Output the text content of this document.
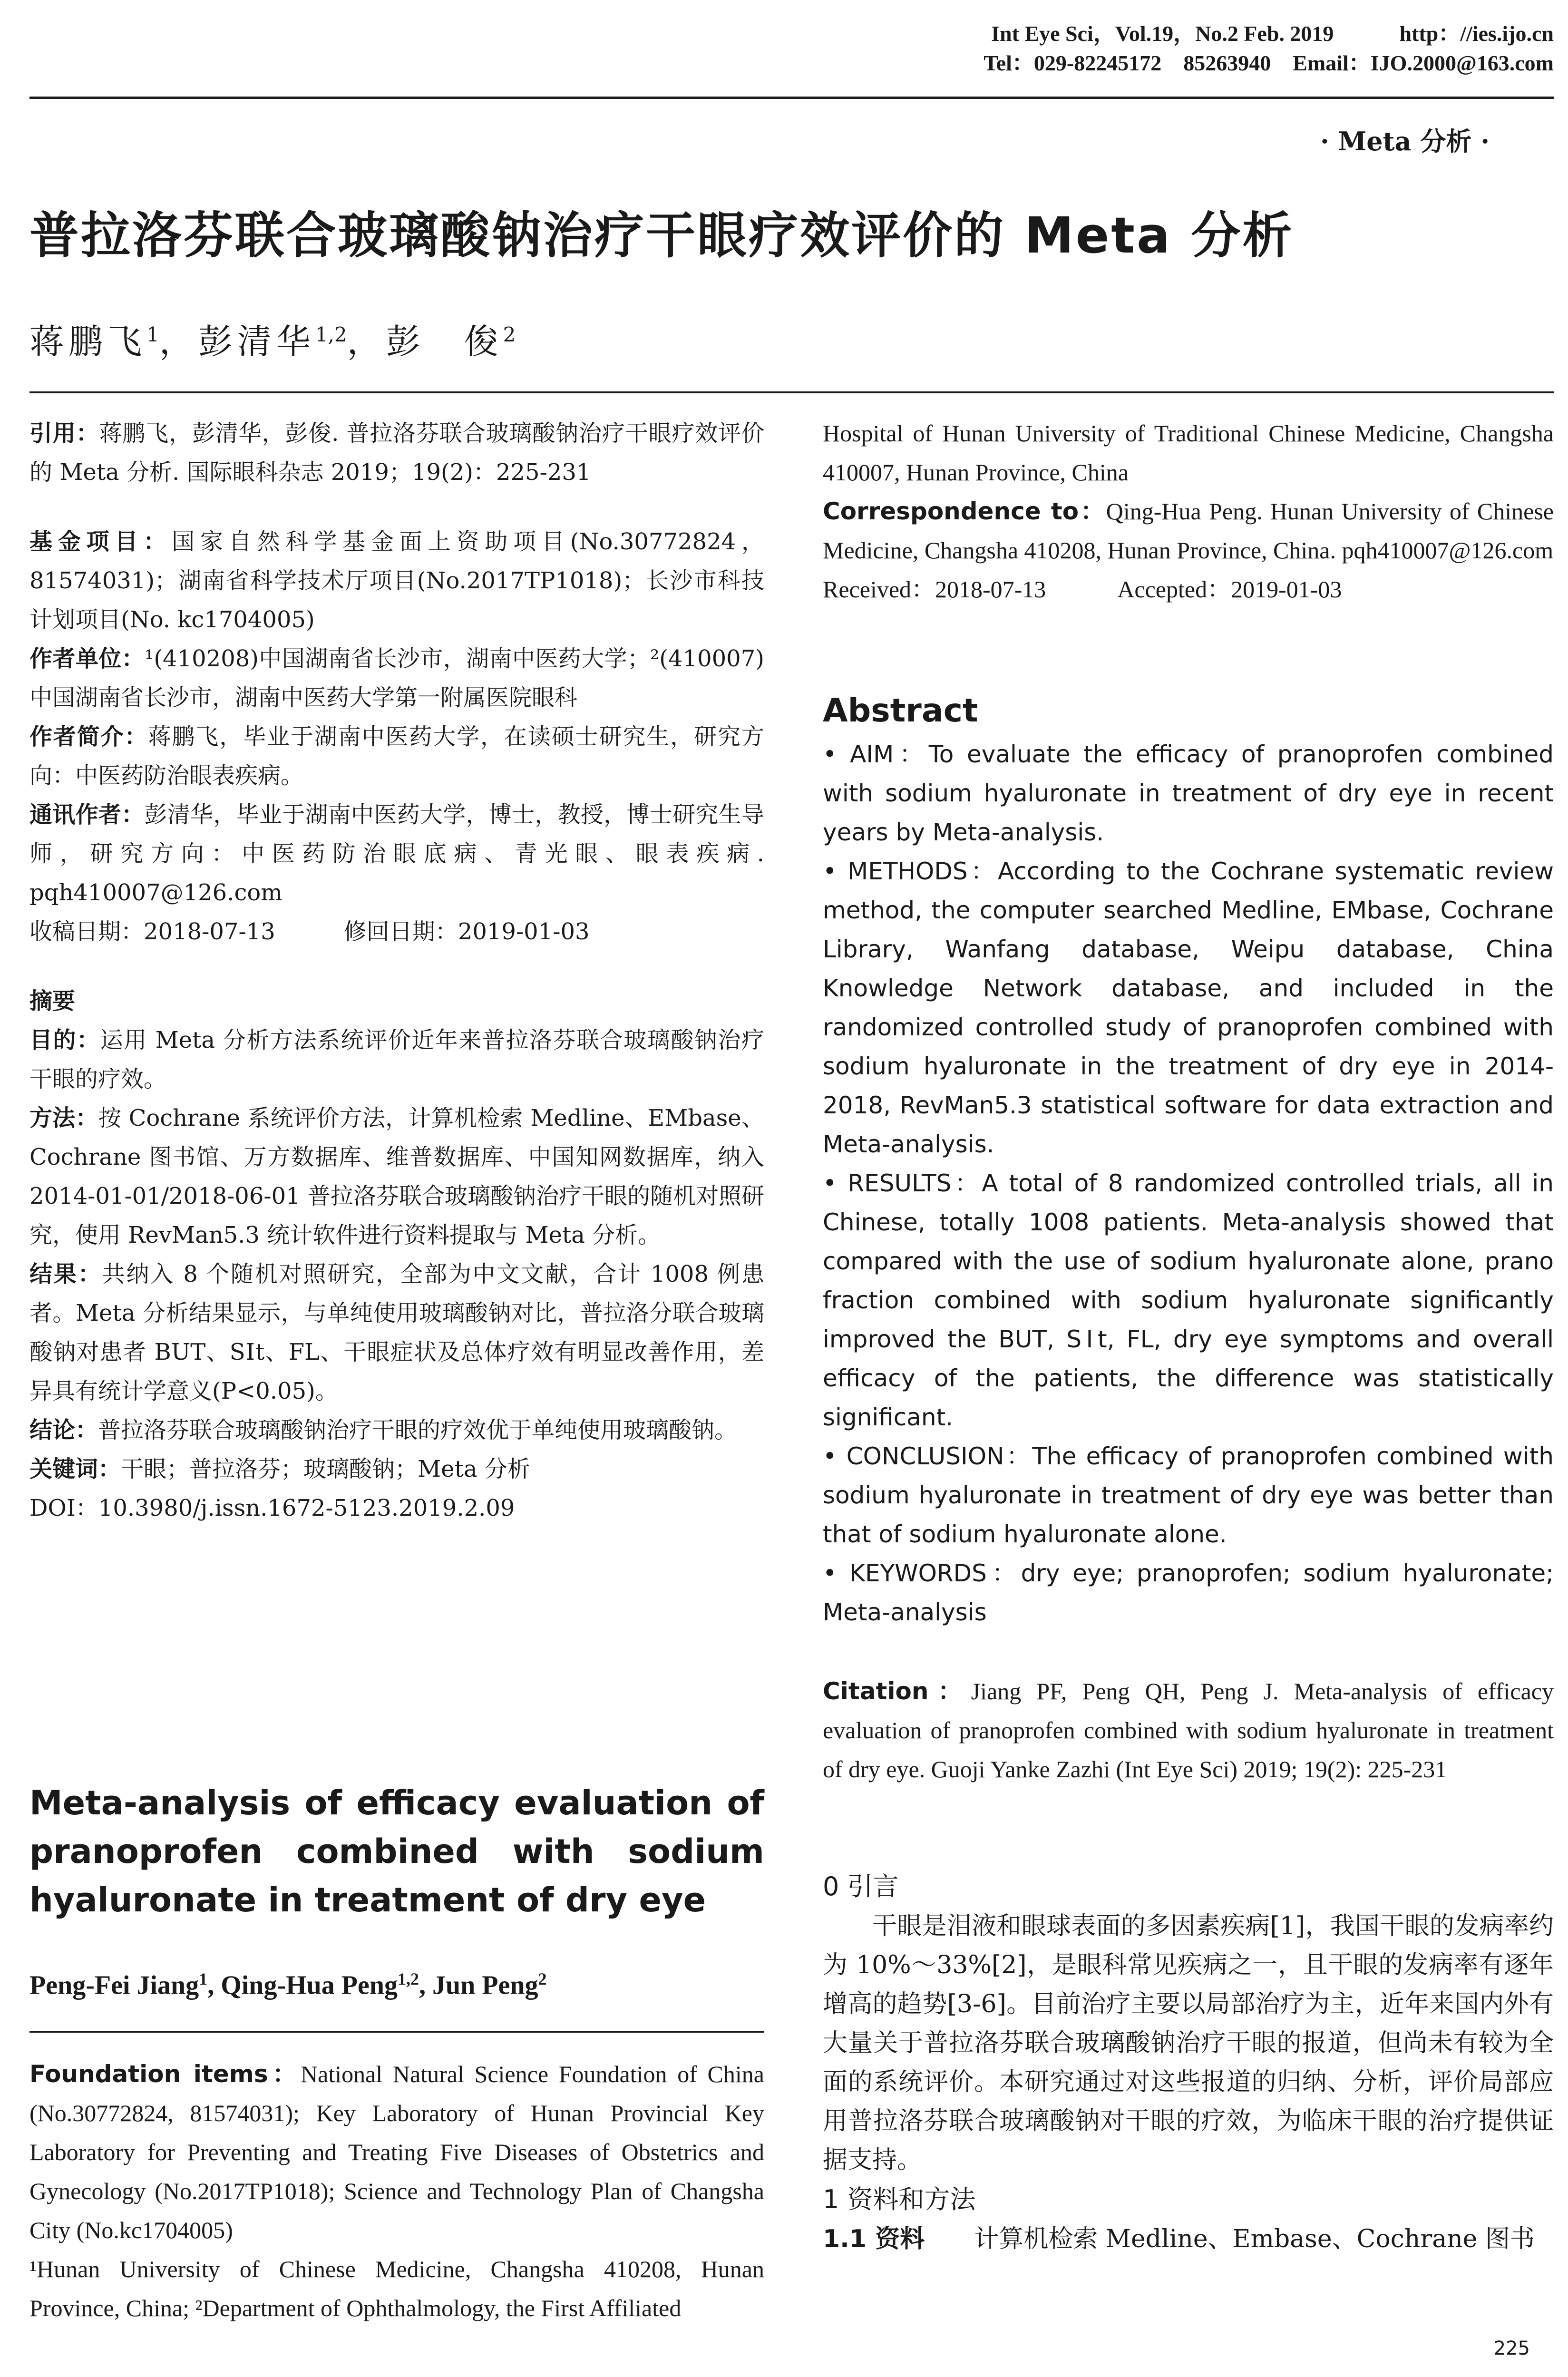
Int Eye Sci，Vol.19，No.2 Feb. 2019　　　	http：//ies.ijo.cn
Tel：029-82245172　85263940　Email：IJO.2000@163.com
· Meta 分析 ·
普拉洛芬联合玻璃酸钠治疗干眼疗效评价的 Meta 分析
蒋鹏飞$^1$，彭清华$^{1,2}$，彭　俊$^2$

引用：蒋鹏飞，彭清华，彭俊. 普拉洛芬联合玻璃酸钠治疗干眼疗效评价的 Meta 分析. 国际眼科杂志 2019；19(2)：225-231

基金项目：国家自然科学基金面上资助项目(No.30772824，81574031)；湖南省科学技术厅项目(No.2017TP1018)；长沙市科技计划项目(No. kc1704005)

作者单位：¹(410208)中国湖南省长沙市，湖南中医药大学；²(410007)中国湖南省长沙市，湖南中医药大学第一附属医院眼科

作者简介：蒋鹏飞，毕业于湖南中医药大学，在读硕士研究生，研究方向：中医药防治眼表疾病。

通讯作者：彭清华，毕业于湖南中医药大学，博士，教授，博士研究生导师，研究方向：中医药防治眼底病、青光眼、眼表疾病. pqh410007@126.com

收稿日期：2018-07-13　　　	修回日期：2019-01-03

摘要

目的：运用 Meta 分析方法系统评价近年来普拉洛芬联合玻璃酸钠治疗干眼的疗效。

方法：按 Cochrane 系统评价方法，计算机检索 Medline、EMbase、Cochrane 图书馆、万方数据库、维普数据库、中国知网数据库，纳入 2014-01-01/2018-06-01 普拉洛芬联合玻璃酸钠治疗干眼的随机对照研究，使用 RevMan5.3 统计软件进行资料提取与 Meta 分析。

结果：共纳入 8 个随机对照研究，全部为中文文献，合计 1008 例患者。Meta 分析结果显示，与单纯使用玻璃酸钠对比，普拉洛分联合玻璃酸钠对患者 BUT、SⅠt、FL、干眼症状及总体疗效有明显改善作用，差异具有统计学意义(P<0.05)。

结论：普拉洛芬联合玻璃酸钠治疗干眼的疗效优于单纯使用玻璃酸钠。

关键词：干眼；普拉洛芬；玻璃酸钠；Meta 分析

DOI：10.3980/j.issn.1672-5123.2019.2.09

Meta-analysis of efficacy evaluation of pranoprofen combined with sodium hyaluronate in treatment of dry eye
Peng-Fei Jiang$^1$, Qing-Hua Peng$^{1,2}$, Jun Peng$^2$

Foundation items：National Natural Science Foundation of China (No.30772824, 81574031); Key Laboratory of Hunan Provincial Key Laboratory for Preventing and Treating Five Diseases of Obstetrics and Gynecology (No.2017TP1018); Science and Technology Plan of Changsha City (No.kc1704005)

¹Hunan University of Chinese Medicine, Changsha 410208, Hunan Province, China; ²Department of Ophthalmology, the First Affiliated

Hospital of Hunan University of Traditional Chinese Medicine, Changsha 410007, Hunan Province, China

Correspondence to：Qing-Hua Peng. Hunan University of Chinese Medicine, Changsha 410208, Hunan Province, China. pqh410007@126.com

Received：2018-07-13　　　	Accepted：2019-01-03

Abstract

• AIM：To evaluate the efficacy of pranoprofen combined with sodium hyaluronate in treatment of dry eye in recent years by Meta-analysis.

• METHODS：According to the Cochrane systematic review method, the computer searched Medline, EMbase, Cochrane Library, Wanfang database, Weipu database, China Knowledge Network database, and included in the randomized controlled study of pranoprofen combined with sodium hyaluronate in the treatment of dry eye in 2014-2018, RevMan5.3 statistical software for data extraction and Meta-analysis.

• RESULTS：A total of 8 randomized controlled trials, all in Chinese, totally 1008 patients. Meta-analysis showed that compared with the use of sodium hyaluronate alone, prano fraction combined with sodium hyaluronate significantly improved the BUT, SⅠt, FL, dry eye symptoms and overall efficacy of the patients, the difference was statistically significant.

• CONCLUSION：The efficacy of pranoprofen combined with sodium hyaluronate in treatment of dry eye was better than that of sodium hyaluronate alone.

• KEYWORDS：dry eye; pranoprofen; sodium hyaluronate; Meta-analysis

Citation：Jiang PF, Peng QH, Peng J. Meta-analysis of efficacy evaluation of pranoprofen combined with sodium hyaluronate in treatment of dry eye. Guoji Yanke Zazhi (Int Eye Sci) 2019; 19(2): 225-231

0 引言

干眼是泪液和眼球表面的多因素疾病[1]，我国干眼的发病率约为 10%～33%[2]，是眼科常见疾病之一，且干眼的发病率有逐年增高的趋势[3-6]。目前治疗主要以局部治疗为主，近年来国内外有大量关于普拉洛芬联合玻璃酸钠治疗干眼的报道，但尚未有较为全面的系统评价。本研究通过对这些报道的归纳、分析，评价局部应用普拉洛芬联合玻璃酸钠对干眼的疗效，为临床干眼的治疗提供证据支持。

1 资料和方法

1.1 资料　　 计算机检索 Medline、Embase、Cochrane 图书

225
